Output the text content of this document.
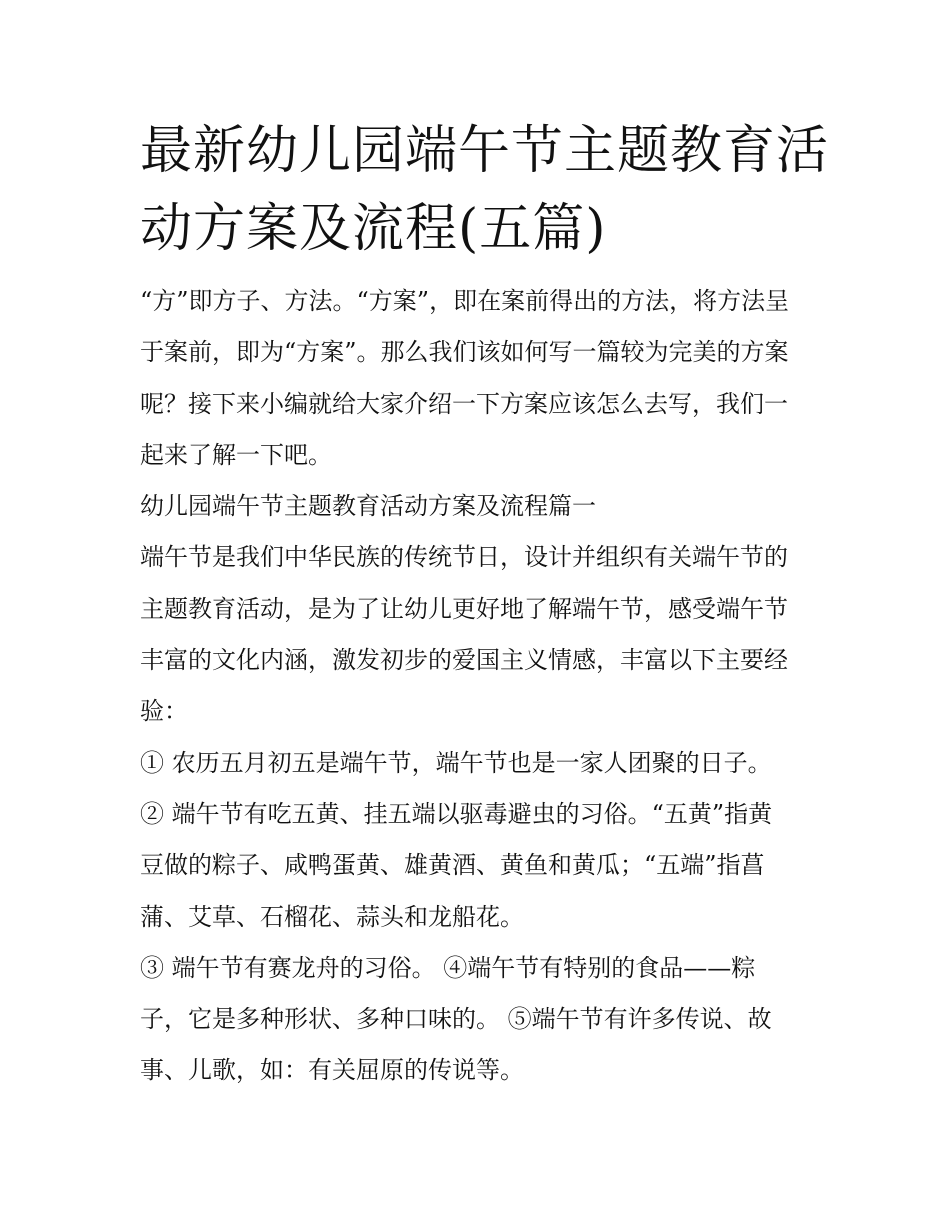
最新幼儿园端午节主题教育活
动方案及流程(五篇)
“方”即方子、方法。“方案”，即在案前得出的方法，将方法呈
于案前，即为“方案”。那么我们该如何写一篇较为完美的方案
呢？接下来小编就给大家介绍一下方案应该怎么去写，我们一
起来了解一下吧。
幼儿园端午节主题教育活动方案及流程篇一
端午节是我们中华民族的传统节日，设计并组织有关端午节的
主题教育活动，是为了让幼儿更好地了解端午节，感受端午节
丰富的文化内涵，激发初步的爱国主义情感，丰富以下主要经
验：
① 农历五月初五是端午节，端午节也是一家人团聚的日子。
② 端午节有吃五黄、挂五端以驱毒避虫的习俗。“五黄”指黄
豆做的粽子、咸鸭蛋黄、雄黄酒、黄鱼和黄瓜；“五端”指菖
蒲、艾草、石榴花、蒜头和龙船花。
③ 端午节有赛龙舟的习俗。 ④端午节有特别的食品——粽
子，它是多种形状、多种口味的。 ⑤端午节有许多传说、故
事、儿歌，如：有关屈原的传说等。
